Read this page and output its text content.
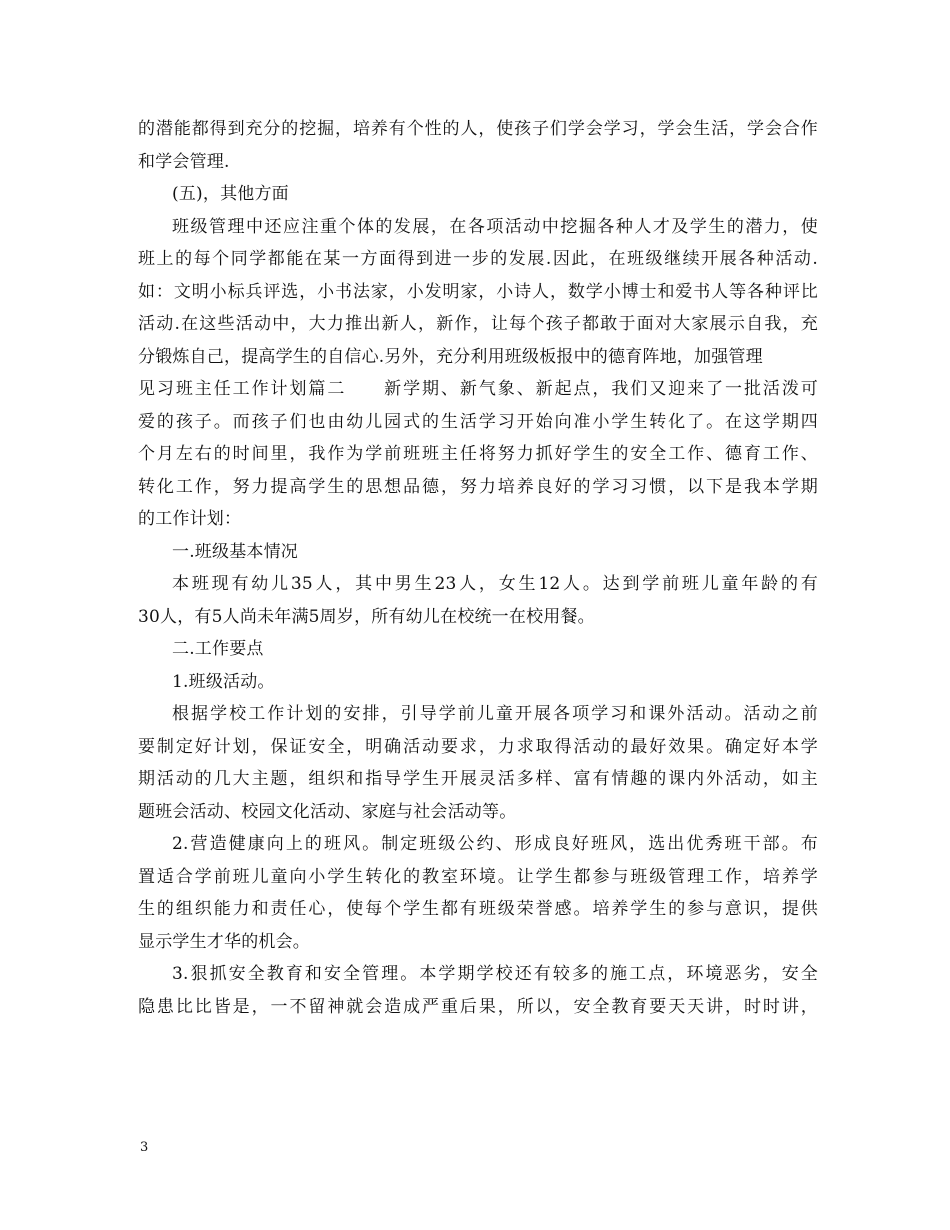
的潜能都得到充分的挖掘，培养有个性的人，使孩子们学会学习，学会生活，学会合作
和学会管理.
(五)，其他方面
班级管理中还应注重个体的发展，在各项活动中挖掘各种人才及学生的潜力，使
班上的每个同学都能在某一方面得到进一步的发展.因此，在班级继续开展各种活动.
如：文明小标兵评选，小书法家，小发明家，小诗人，数学小博士和爱书人等各种评比
活动.在这些活动中，大力推出新人，新作，让每个孩子都敢于面对大家展示自我，充
分锻炼自己，提高学生的自信心.另外，充分利用班级板报中的德育阵地，加强管理
见习班主任工作计划篇二　　新学期、新气象、新起点，我们又迎来了一批活泼可
爱的孩子。而孩子们也由幼儿园式的生活学习开始向准小学生转化了。在这学期四
个月左右的时间里，我作为学前班班主任将努力抓好学生的安全工作、德育工作、
转化工作，努力提高学生的思想品德，努力培养良好的学习习惯，以下是我本学期
的工作计划：
一.班级基本情况
本班现有幼儿35人，其中男生23人，女生12人。达到学前班儿童年龄的有
30人，有5人尚未年满5周岁，所有幼儿在校统一在校用餐。
二.工作要点
1.班级活动。
根据学校工作计划的安排，引导学前儿童开展各项学习和课外活动。活动之前
要制定好计划，保证安全，明确活动要求，力求取得活动的最好效果。确定好本学
期活动的几大主题，组织和指导学生开展灵活多样、富有情趣的课内外活动，如主
题班会活动、校园文化活动、家庭与社会活动等。
2.营造健康向上的班风。制定班级公约、形成良好班风，选出优秀班干部。布
置适合学前班儿童向小学生转化的教室环境。让学生都参与班级管理工作，培养学
生的组织能力和责任心，使每个学生都有班级荣誉感。培养学生的参与意识，提供
显示学生才华的机会。
3.狠抓安全教育和安全管理。本学期学校还有较多的施工点，环境恶劣，安全
隐患比比皆是，一不留神就会造成严重后果，所以，安全教育要天天讲，时时讲，
3
